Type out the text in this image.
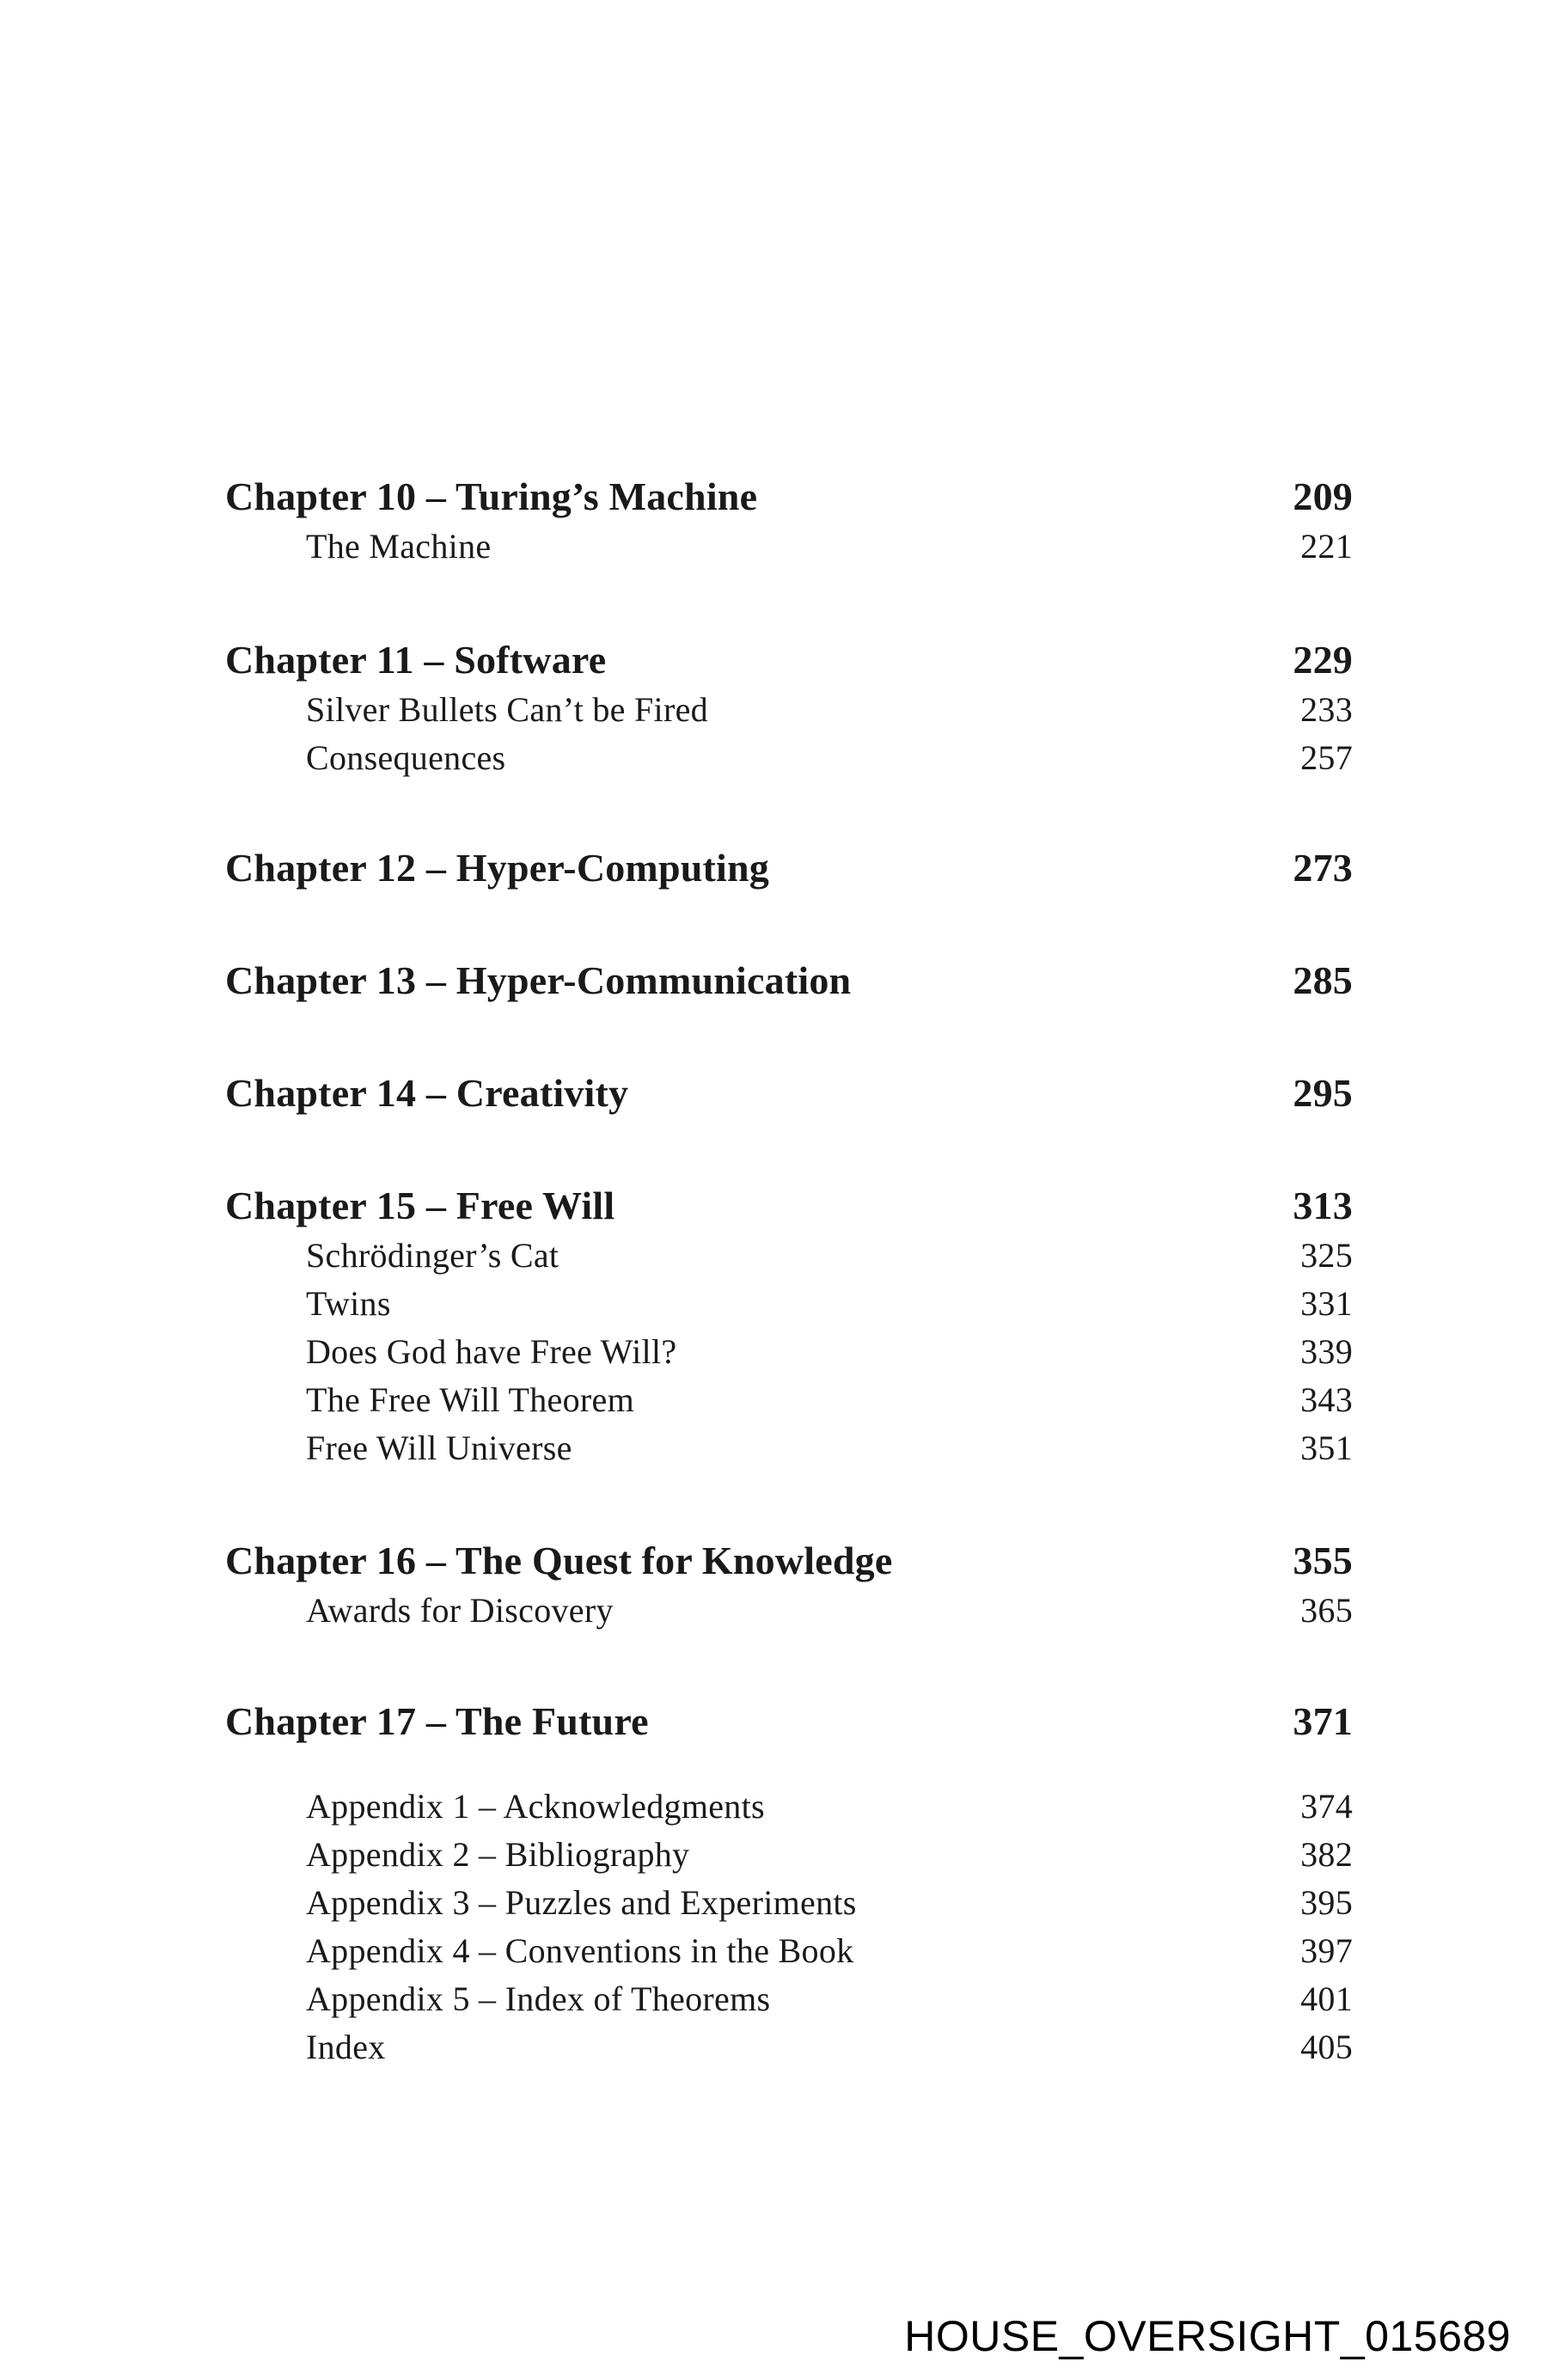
Chapter 10 – Turing’s Machine	209
The Machine	221
Chapter 11 – Software	229
Silver Bullets Can’t be Fired	233
Consequences	257
Chapter 12 – Hyper-Computing	273
Chapter 13 – Hyper-Communication	285
Chapter 14 – Creativity	295
Chapter 15 – Free Will	313
Schrödinger’s Cat	325
Twins	331
Does God have Free Will?	339
The Free Will Theorem	343
Free Will Universe	351
Chapter 16 – The Quest for Knowledge	355
Awards for Discovery	365
Chapter 17 – The Future	371
Appendix 1 – Acknowledgments	374
Appendix 2 – Bibliography	382
Appendix 3 – Puzzles and Experiments	395
Appendix 4 – Conventions in the Book	397
Appendix 5 – Index of Theorems	401
Index	405
HOUSE_OVERSIGHT_015689
